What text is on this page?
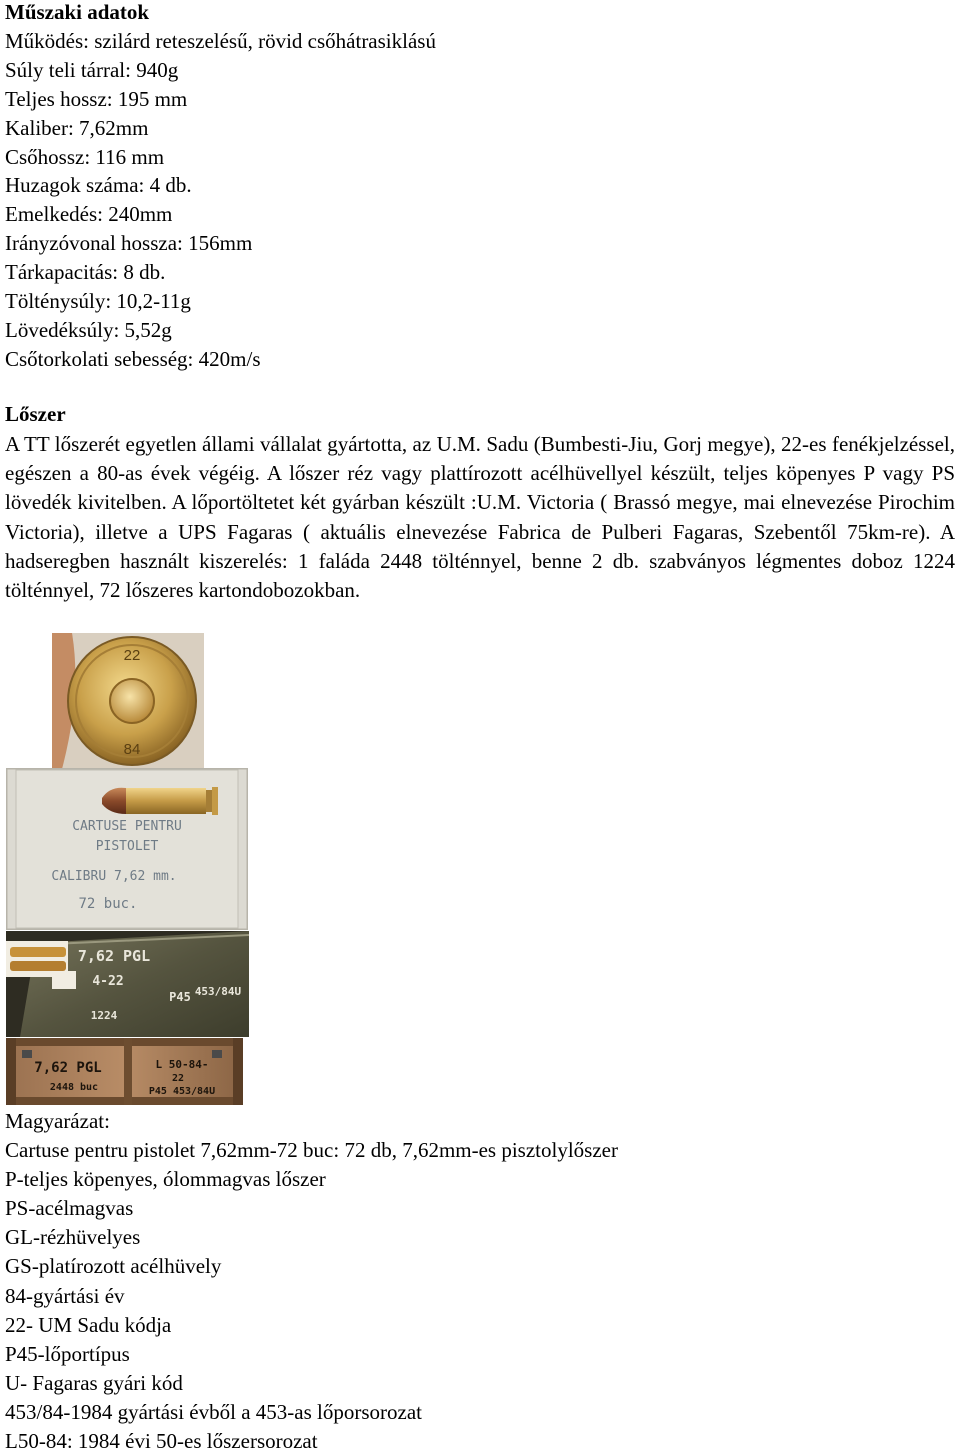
Műszaki adatok
Működés: szilárd reteszelésű, rövid csőhátrasiklású
Súly teli tárral: 940g
Teljes hossz: 195 mm
Kaliber: 7,62mm
Csőhossz: 116 mm
Huzagok száma: 4 db.
Emelkedés: 240mm
Irányzóvonal hossza: 156mm
Tárkapacitás: 8 db.
Tölténysúly: 10,2-11g
Lövedéksúly: 5,52g
Csőtorkolati sebesség: 420m/s
Lőszer
A TT lőszerét egyetlen állami vállalat gyártotta, az U.M. Sadu (Bumbesti-Jiu, Gorj megye), 22-es fenékjelzéssel, egészen a 80-as évek végéig. A lőszer réz vagy plattírozott acélhüvellyel készült, teljes köpenyes P vagy PS lövedék kivitelben. A lőportöltetet két gyárban készült :U.M. Victoria ( Brassó megye, mai elnevezése Pirochim Victoria), illetve a UPS Fagaras ( aktuális elnevezése Fabrica de Pulberi Fagaras, Szebentől 75km-re). A hadseregben használt kiszerelés: 1 faláda 2448 tölténnyel, benne 2 db. szabványos légmentes doboz 1224 tölténnyel, 72 lőszeres kartondobozokban.
Magyarázat:
Cartuse pentru pistolet 7,62mm-72 buc: 72 db, 7,62mm-es pisztolylőszer
P-teljes köpenyes, ólommagvas lőszer
PS-acélmagvas
GL-rézhüvelyes
GS-platírozott acélhüvely
84-gyártási év
22- UM Sadu kódja
P45-lőportípus
U- Fagaras gyári kód
453/84-1984 gyártási évből a 453-as lőporsorozat
L50-84: 1984 évi 50-es lőszersorozat
22
84
CARTUSE PENTRU
PISTOLET
CALIBRU 7,62 mm.
72 buc.
7,62 PGL
4-22
P45 453/84U
1224
7,62 PGL
2448 buc
L 50-84-
22
P45 453/84U
